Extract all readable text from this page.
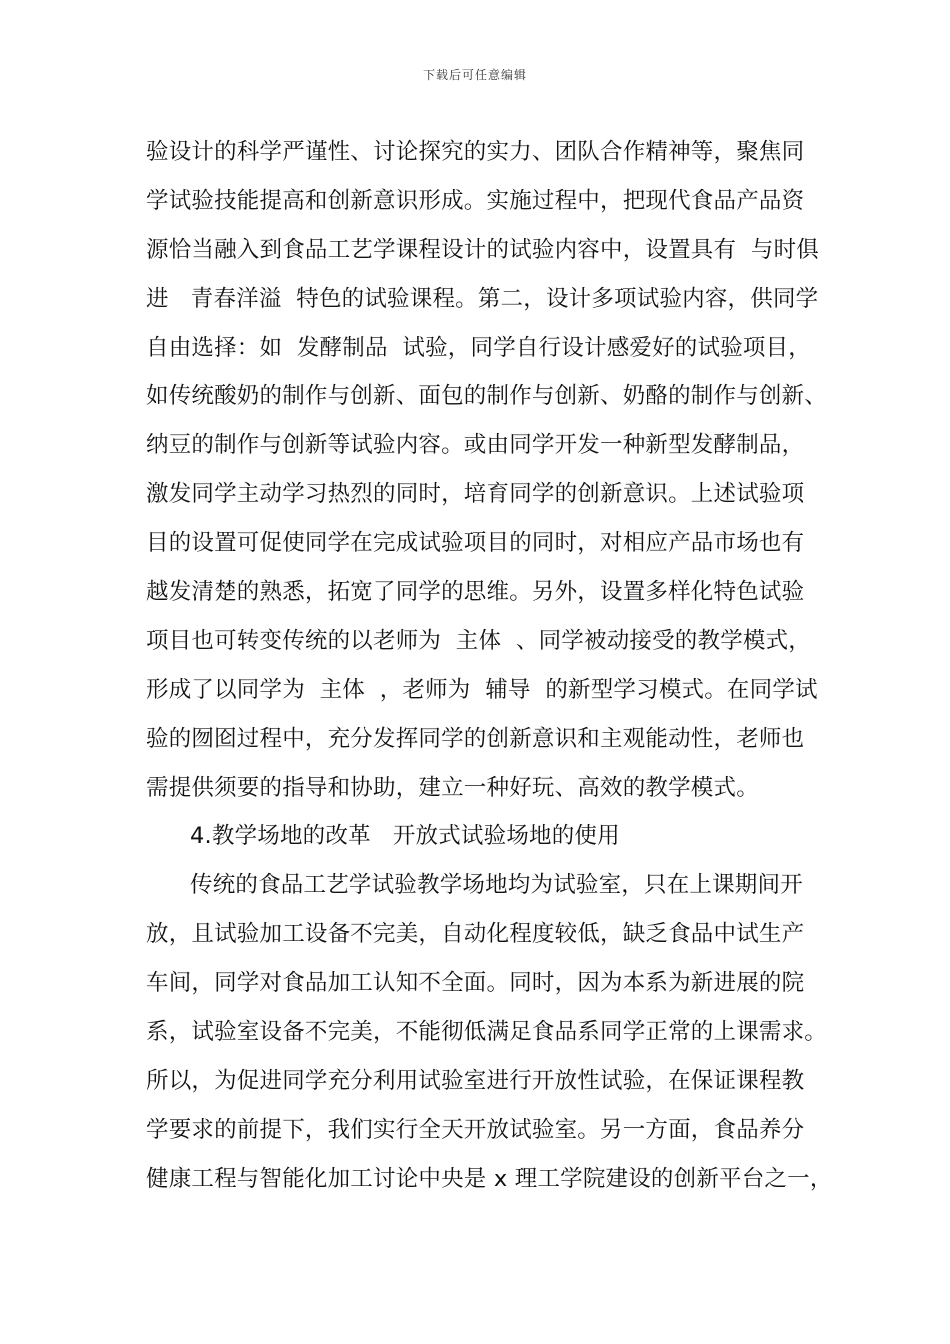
下载后可任意编辑
验设计的科学严谨性、讨论探究的实力、团队合作精神等，聚焦同
学试验技能提高和创新意识形成。实施过程中，把现代食品产品资
源恰当融入到食品工艺学课程设计的试验内容中，设置具有  与时俱
进   青春洋溢  特色的试验课程。第二，设计多项试验内容，供同学
自由选择：如  发酵制品  试验，同学自行设计感爱好的试验项目，
如传统酸奶的制作与创新、面包的制作与创新、奶酪的制作与创新、
纳豆的制作与创新等试验内容。或由同学开发一种新型发酵制品，
激发同学主动学习热烈的同时，培育同学的创新意识。上述试验项
目的设置可促使同学在完成试验项目的同时，对相应产品市场也有
越发清楚的熟悉，拓宽了同学的思维。另外，设置多样化特色试验
项目也可转变传统的以老师为  主体  、同学被动接受的教学模式，
形成了以同学为  主体  ，老师为  辅导  的新型学习模式。在同学试
验的囫囵过程中，充分发挥同学的创新意识和主观能动性，老师也
需提供须要的指导和协助，建立一种好玩、高效的教学模式。
4.教学场地的改革   开放式试验场地的使用
传统的食品工艺学试验教学场地均为试验室，只在上课期间开
放，且试验加工设备不完美，自动化程度较低，缺乏食品中试生产
车间，同学对食品加工认知不全面。同时，因为本系为新进展的院
系，试验室设备不完美，不能彻低满足食品系同学正常的上课需求。
所以，为促进同学充分利用试验室进行开放性试验，在保证课程教
学要求的前提下，我们实行全天开放试验室。另一方面，食品养分
健康工程与智能化加工讨论中央是 x 理工学院建设的创新平台之一，
